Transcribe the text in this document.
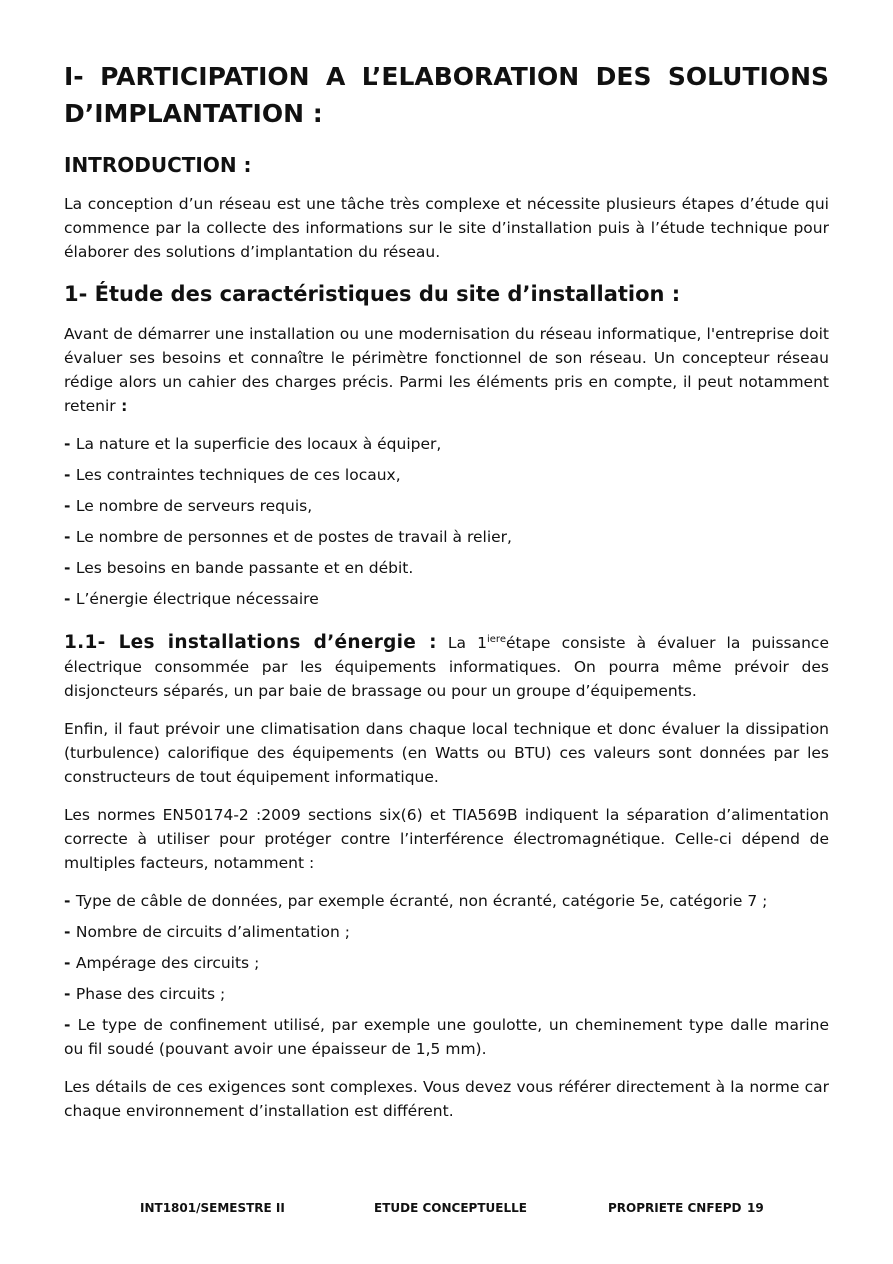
I- PARTICIPATION A L’ELABORATION DES SOLUTIONS
D’IMPLANTATION :
INTRODUCTION :

La conception d’un réseau est une tâche très complexe et nécessite plusieurs étapes d’étude qui commence par la collecte des informations sur le site d’installation puis à l’étude technique pour élaborer des solutions d’implantation du réseau.

1- Étude des caractéristiques du site d’installation :

Avant de démarrer une installation ou une modernisation du réseau informatique, l'entreprise doit évaluer ses besoins et connaître le périmètre fonctionnel de son réseau. Un concepteur réseau rédige alors un cahier des charges précis. Parmi les éléments pris en compte, il peut notamment retenir :

- La nature et la superficie des locaux à équiper,
- Les contraintes techniques de ces locaux,
- Le nombre de serveurs requis,
- Le nombre de personnes et de postes de travail à relier,
- Les besoins en bande passante et en débit.
- L’énergie électrique nécessaire

1.1- Les installations d’énergie : La $1^{iere}étape$ consiste à évaluer la puissance électrique consommée par les équipements informatiques. On pourra même prévoir des disjoncteurs séparés, un par baie de brassage ou pour un groupe d’équipements.

Enfin, il faut prévoir une climatisation dans chaque local technique et donc évaluer la dissipation (turbulence) calorifique des équipements (en Watts ou BTU) ces valeurs sont données par les constructeurs de tout équipement informatique.

Les normes EN50174-2 :2009 sections six(6) et TIA569B indiquent la séparation d’alimentation correcte à utiliser pour protéger contre l’interférence électromagnétique. Celle-ci dépend de multiples facteurs, notamment :

- Type de câble de données, par exemple écranté, non écranté, catégorie 5e, catégorie 7 ;
- Nombre de circuits d’alimentation ;
- Ampérage des circuits ;
- Phase des circuits ;
- Le type de confinement utilisé, par exemple une goulotte, un cheminement type dalle marine ou fil soudé (pouvant avoir une épaisseur de 1,5 mm).

Les détails de ces exigences sont complexes. Vous devez vous référer directement à la norme car chaque environnement d’installation est différent.

INT1801/SEMESTRE II	ETUDE CONCEPTUELLE	PROPRIETE CNFEPD 19
